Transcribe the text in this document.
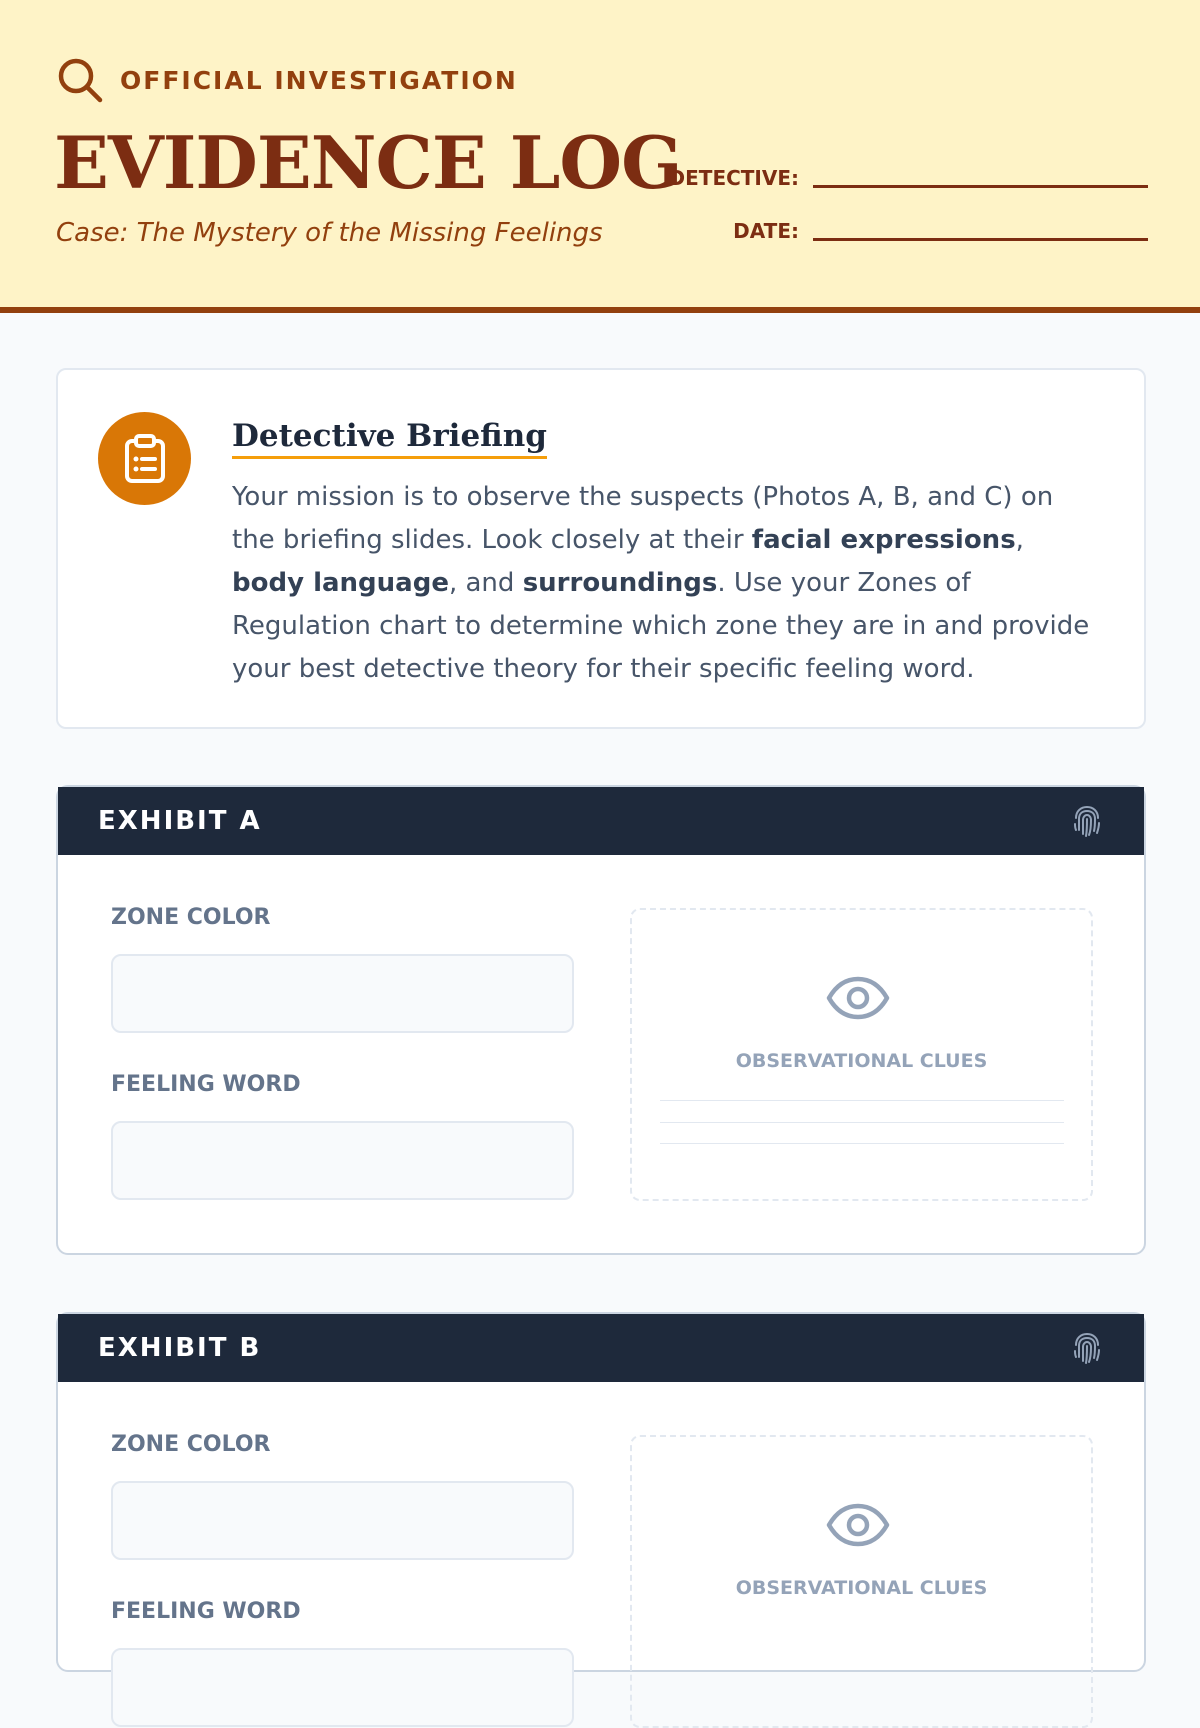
OFFICIAL INVESTIGATION
EVIDENCE LOG
Case: The Mystery of the Missing Feelings
DETECTIVE:
DATE:
Detective Briefing
Your mission is to observe the suspects (Photos A, B, and C) on the briefing slides. Look closely at their facial expressions, body language, and surroundings. Use your Zones of Regulation chart to determine which zone they are in and provide your best detective theory for their specific feeling word.
EXHIBIT A
ZONE COLOR
FEELING WORD
OBSERVATIONAL CLUES
EXHIBIT B
ZONE COLOR
FEELING WORD
OBSERVATIONAL CLUES
